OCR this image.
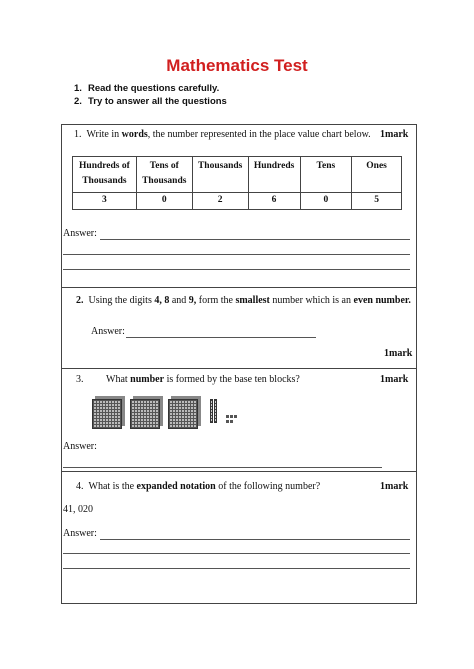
Mathematics Test
1. Read the questions carefully.
2. Try to answer all the questions
1. Write in words, the number represented in the place value chart below. 1mark
Hundreds of Thousands	Tens of Thousands	Thousands	Hundreds	Tens	Ones
3	0	2	6	0	5
Answer:
2. Using the digits 4, 8 and 9, form the smallest number which is an even number.
Answer:
1mark
3. What number is formed by the base ten blocks?	1mark
Answer:
4. What is the expanded notation of the following number?	1mark
41, 020
Answer:
